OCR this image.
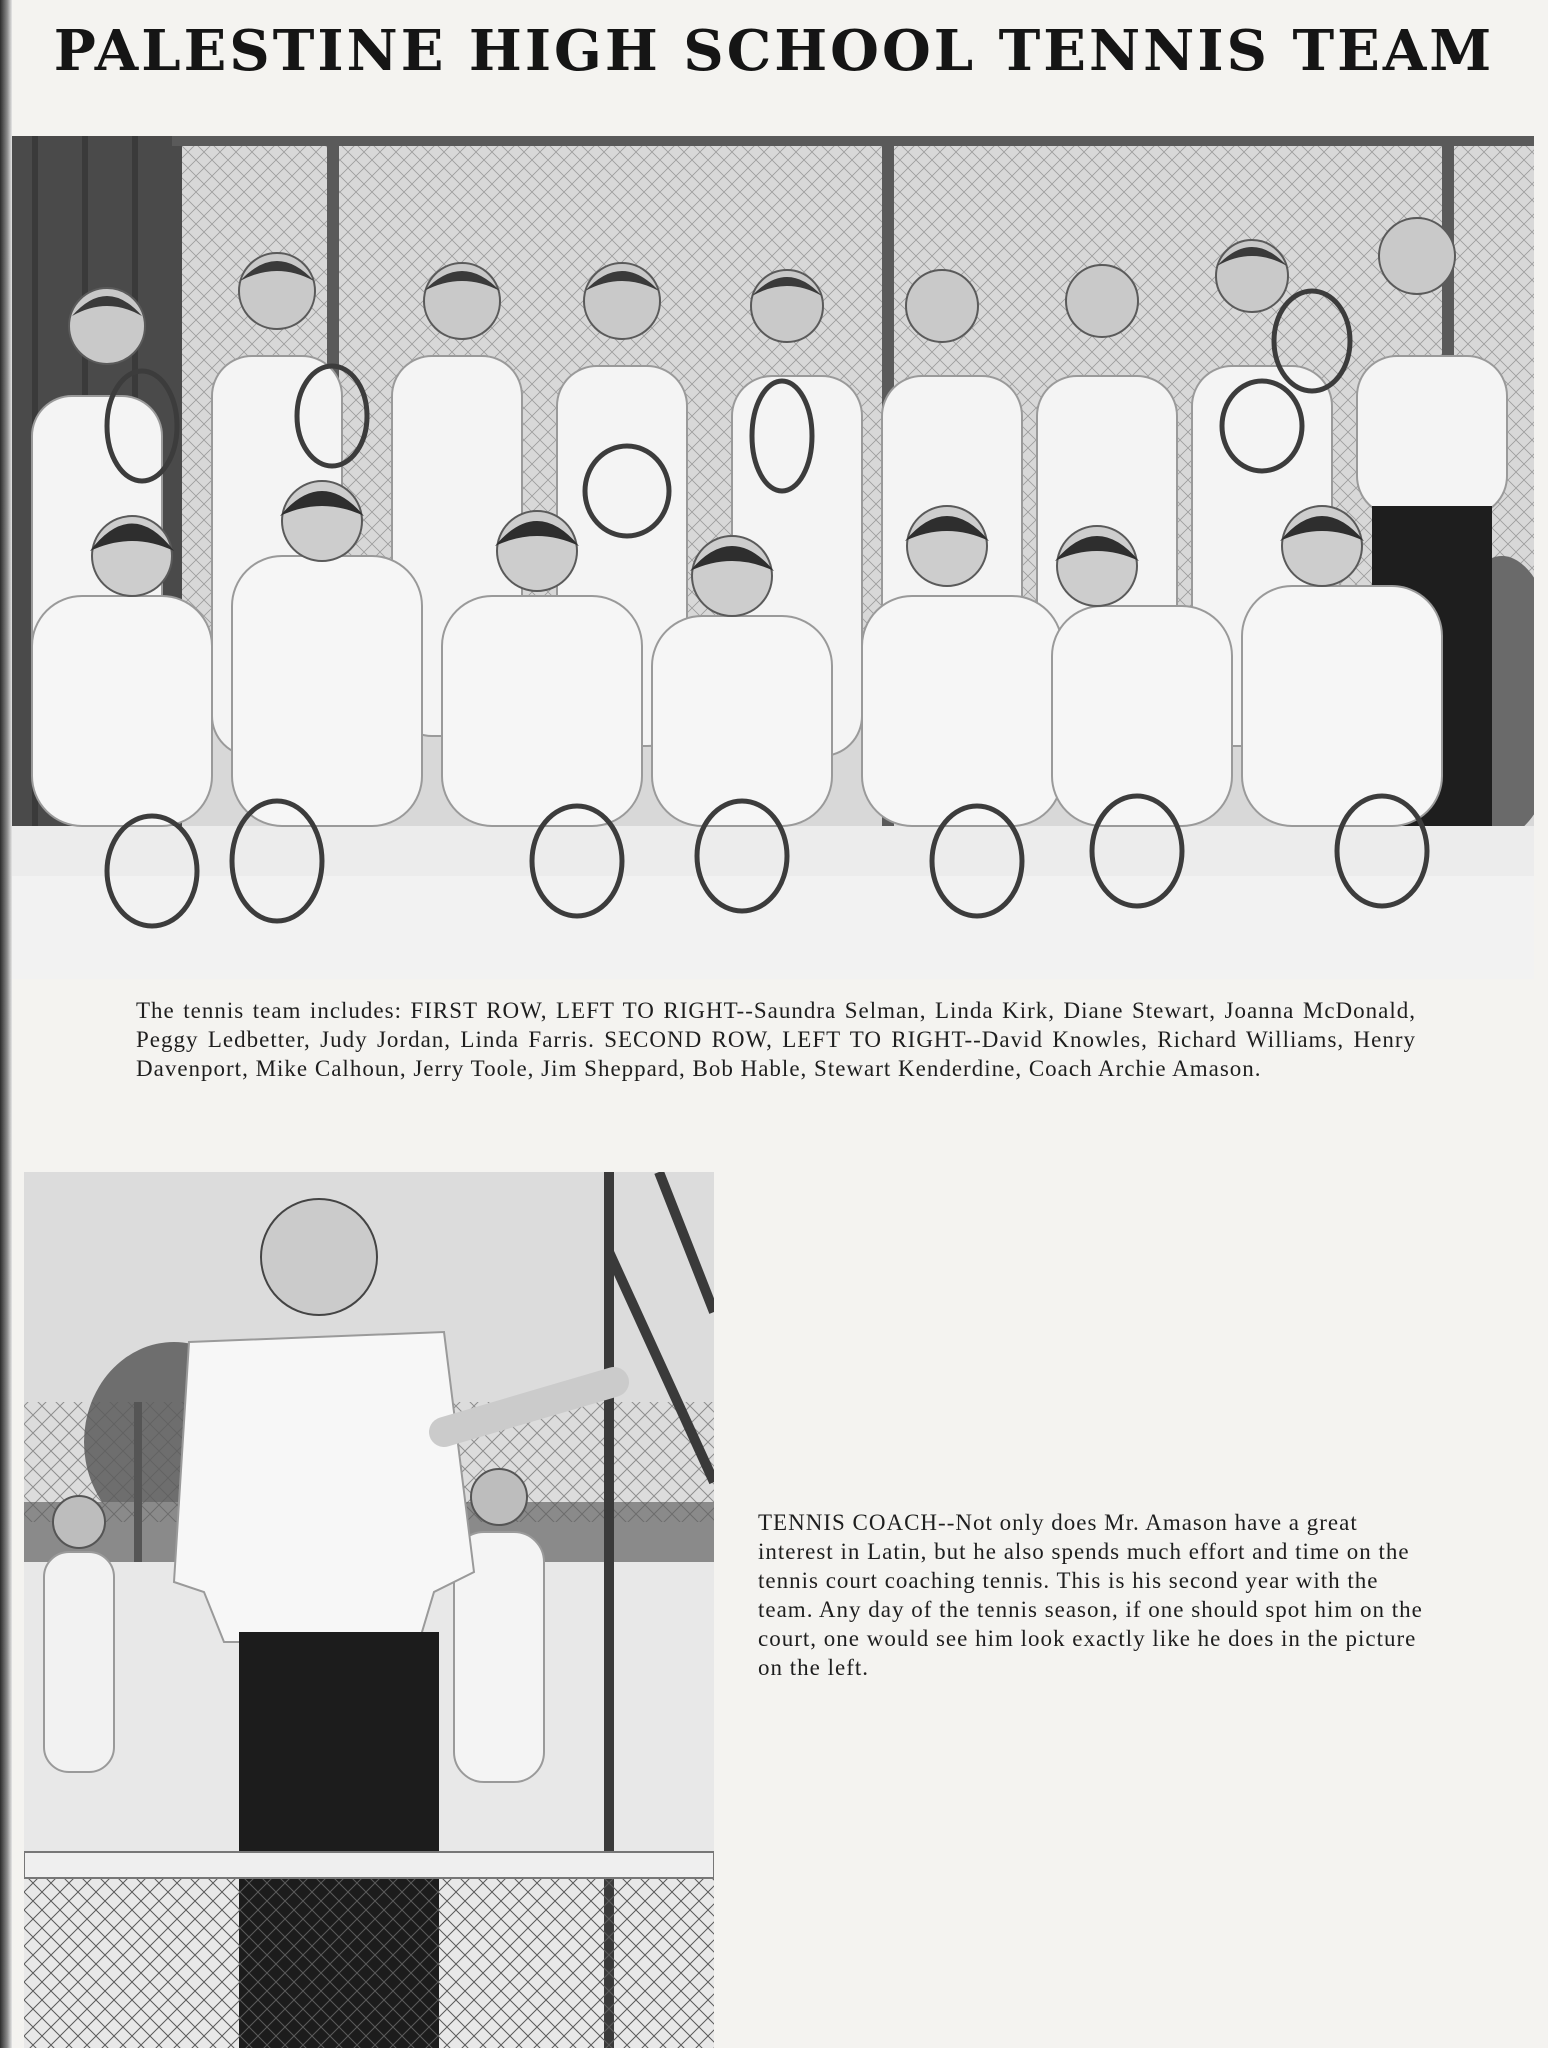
PALESTINE HIGH SCHOOL TENNIS TEAM
The tennis team includes: FIRST ROW, LEFT TO RIGHT--Saundra Selman, Linda Kirk, Diane Stewart, Joanna McDonald, Peggy Ledbetter, Judy Jordan, Linda Farris. SECOND ROW, LEFT TO RIGHT--David Knowles, Richard Williams, Henry Davenport, Mike Calhoun, Jerry Toole, Jim Sheppard, Bob Hable, Stewart Kenderdine, Coach Archie Amason.
TENNIS COACH--Not only does Mr. Amason have a great interest in Latin, but he also spends much effort and time on the tennis court coaching tennis. This is his second year with the team. Any day of the tennis season, if one should spot him on the court, one would see him look exactly like he does in the picture on the left.
